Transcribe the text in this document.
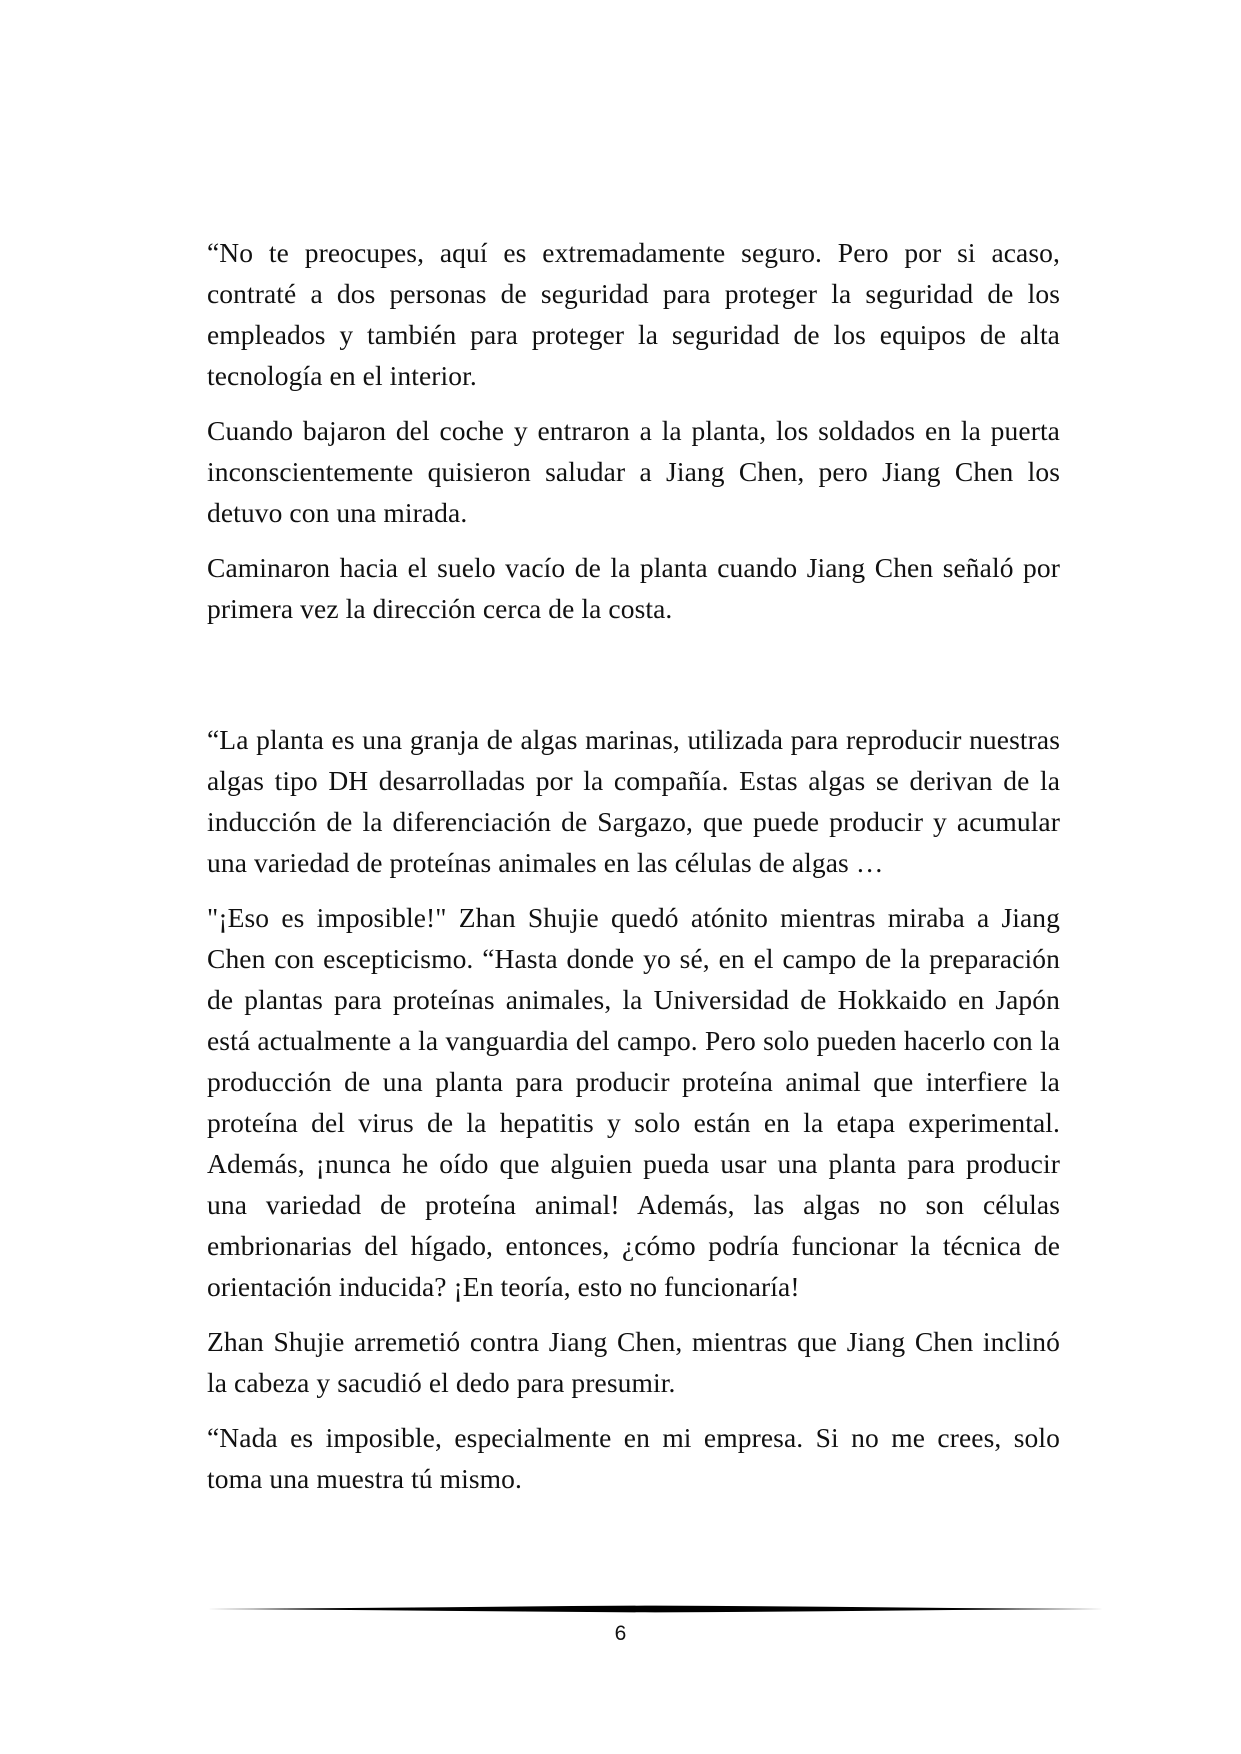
“No te preocupes, aquí es extremadamente seguro. Pero por si acaso, contraté a dos personas de seguridad para proteger la seguridad de los empleados y también para proteger la seguridad de los equipos de alta tecnología en el interior.

Cuando bajaron del coche y entraron a la planta, los soldados en la puerta inconscientemente quisieron saludar a Jiang Chen, pero Jiang Chen los detuvo con una mirada.

Caminaron hacia el suelo vacío de la planta cuando Jiang Chen señaló por primera vez la dirección cerca de la costa.

“La planta es una granja de algas marinas, utilizada para reproducir nuestras algas tipo DH desarrolladas por la compañía. Estas algas se derivan de la inducción de la diferenciación de Sargazo, que puede producir y acumular una variedad de proteínas animales en las células de algas …

"¡Eso es imposible!" Zhan Shujie quedó atónito mientras miraba a Jiang Chen con escepticismo. “Hasta donde yo sé, en el campo de la preparación de plantas para proteínas animales, la Universidad de Hokkaido en Japón está actualmente a la vanguardia del campo. Pero solo pueden hacerlo con la producción de una planta para producir proteína animal que interfiere la proteína del virus de la hepatitis y solo están en la etapa experimental. Además, ¡nunca he oído que alguien pueda usar una planta para producir una variedad de proteína animal! Además, las algas no son células embrionarias del hígado, entonces, ¿cómo podría funcionar la técnica de orientación inducida? ¡En teoría, esto no funcionaría!

Zhan Shujie arremetió contra Jiang Chen, mientras que Jiang Chen inclinó la cabeza y sacudió el dedo para presumir.

“Nada es imposible, especialmente en mi empresa. Si no me crees, solo toma una muestra tú mismo.

6
